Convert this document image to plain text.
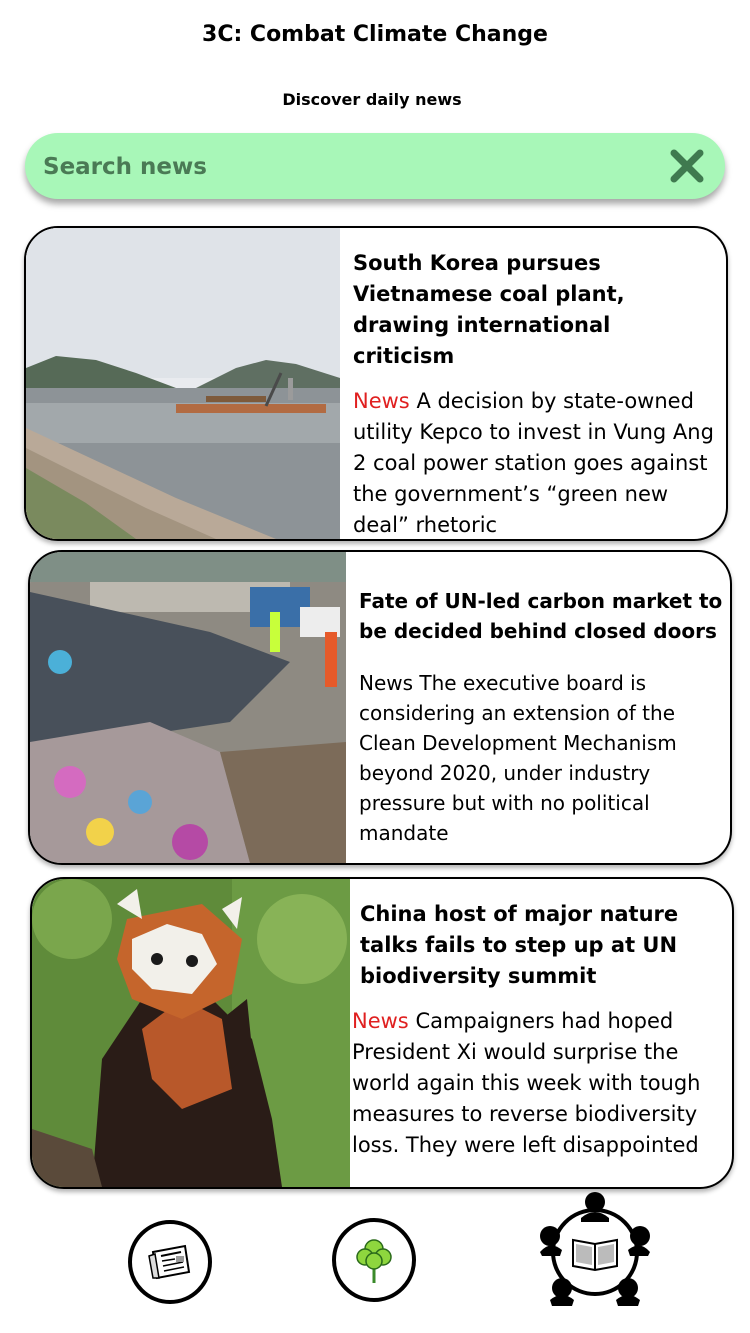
3C: Combat Climate Change
Discover daily news
Search news
South Korea pursues Vietnamese coal plant, drawing international criticism
News A decision by state-owned utility Kepco to invest in Vung Ang 2 coal power station goes against the government’s “green new deal” rhetoric
Fate of UN-led carbon market to be decided behind closed doors
News The executive board is considering an extension of the Clean Development Mechanism beyond 2020, under industry pressure but with no political mandate
China host of major nature talks fails to step up at UN biodiversity summit
News Campaigners had hoped President Xi would surprise the world again this week with tough measures to reverse biodiversity loss. They were left disappointed
